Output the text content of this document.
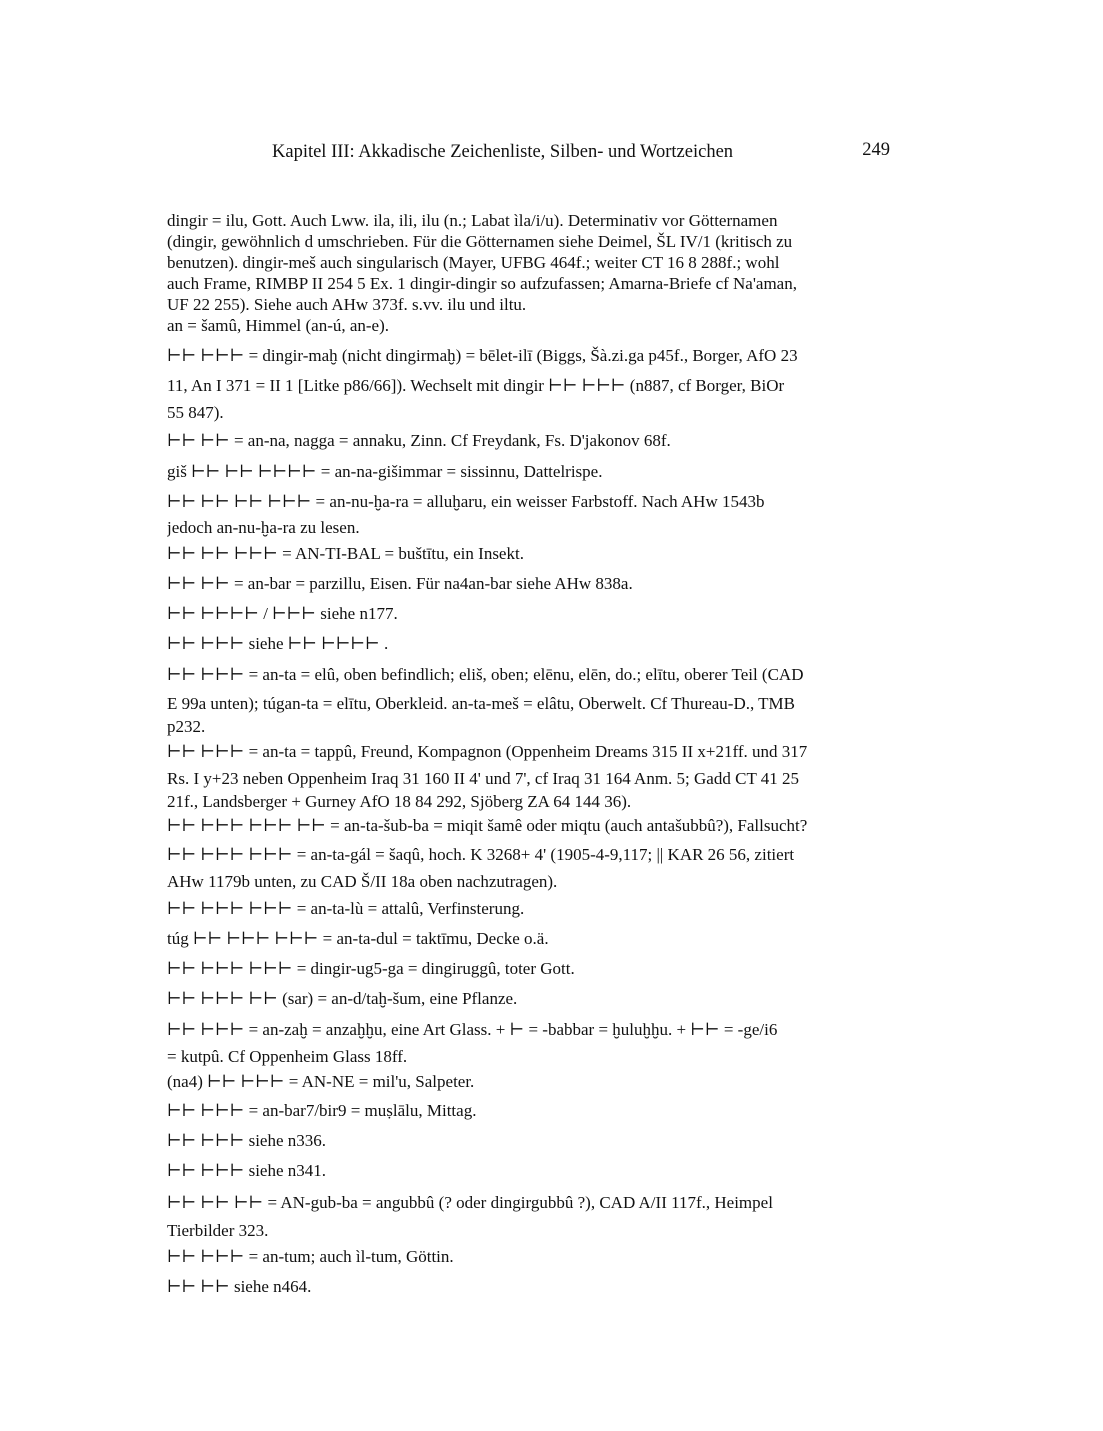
Kapitel III: Akkadische Zeichenliste, Silben- und Wortzeichen	249
dingir = ilu, Gott. Auch Lww. ila, ili, ilu (n.; Labat ìla/i/u). Determinativ vor Götternamen
(dingir, gewöhnlich d umschrieben. Für die Götternamen siehe Deimel, ŠL IV/1 (kritisch zu
benutzen). dingir-meš auch singularisch (Mayer, UFBG 464f.; weiter CT 16 8 288f.; wohl
auch Frame, RIMBP II 254 5 Ex. 1 dingir-dingir so aufzufassen; Amarna-Briefe cf Na'aman,
UF 22 255). Siehe auch AHw 373f. s.vv. ilu und iltu.
an = šamû, Himmel (an-ú, an-e).
⊢⊢ ⊢⊢⊢ = dingir-maḫ (nicht dingirmaḫ) = bēlet-ilī (Biggs, Šà.zi.ga p45f., Borger, AfO 23
11, An I 371 = II 1 [Litke p86/66]). Wechselt mit dingir ⊢⊢ ⊢⊢⊢ (n887, cf Borger, BiOr
55 847).
⊢⊢ ⊢⊢ = an-na, nagga = annaku, Zinn. Cf Freydank, Fs. D'jakonov 68f.
giš ⊢⊢ ⊢⊢ ⊢⊢⊢⊢ = an-na-gišimmar = sissinnu, Dattelrispe.
⊢⊢ ⊢⊢ ⊢⊢ ⊢⊢⊢ = an-nu-ḫa-ra = alluḫaru, ein weisser Farbstoff. Nach AHw 1543b
jedoch an-nu-ḫa-ra zu lesen.
⊢⊢ ⊢⊢ ⊢⊢⊢ = AN-TI-BAL = buštītu, ein Insekt.
⊢⊢ ⊢⊢ = an-bar = parzillu, Eisen. Für na4an-bar siehe AHw 838a.
⊢⊢ ⊢⊢⊢⊢ / ⊢⊢⊢ siehe n177.
⊢⊢ ⊢⊢⊢ siehe ⊢⊢ ⊢⊢⊢⊢ .
⊢⊢ ⊢⊢⊢ = an-ta = elû, oben befindlich; eliš, oben; elēnu, elēn, do.; elītu, oberer Teil (CAD
E 99a unten); túgan-ta = elītu, Oberkleid. an-ta-meš = elâtu, Oberwelt. Cf Thureau-D., TMB
p232.
⊢⊢ ⊢⊢⊢ = an-ta = tappû, Freund, Kompagnon (Oppenheim Dreams 315 II x+21ff. und 317
Rs. I y+23 neben Oppenheim Iraq 31 160 II 4' und 7', cf Iraq 31 164 Anm. 5; Gadd CT 41 25
21f., Landsberger + Gurney AfO 18 84 292, Sjöberg ZA 64 144 36).
⊢⊢ ⊢⊢⊢ ⊢⊢⊢ ⊢⊢ = an-ta-šub-ba = miqit šamê oder miqtu (auch antašubbû?), Fallsucht?
⊢⊢ ⊢⊢⊢ ⊢⊢⊢ = an-ta-gál = šaqû, hoch. K 3268+ 4' (1905-4-9,117; || KAR 26 56, zitiert
AHw 1179b unten, zu CAD Š/II 18a oben nachzutragen).
⊢⊢ ⊢⊢⊢ ⊢⊢⊢ = an-ta-lù = attalû, Verfinsterung.
túg ⊢⊢ ⊢⊢⊢ ⊢⊢⊢ = an-ta-dul = taktīmu, Decke o.ä.
⊢⊢ ⊢⊢⊢ ⊢⊢⊢ = dingir-ug5-ga = dingiruggû, toter Gott.
⊢⊢ ⊢⊢⊢ ⊢⊢ (sar) = an-d/taḫ-šum, eine Pflanze.
⊢⊢ ⊢⊢⊢ = an-zaḫ = anzaḫḫu, eine Art Glass. + ⊢ = -babbar = ḫuluḫḫu. + ⊢⊢ = -ge/i6
= kutpû. Cf Oppenheim Glass 18ff.
(na4) ⊢⊢ ⊢⊢⊢ = AN-NE = mil'u, Salpeter.
⊢⊢ ⊢⊢⊢ = an-bar7/bir9 = muṣlālu, Mittag.
⊢⊢ ⊢⊢⊢ siehe n336.
⊢⊢ ⊢⊢⊢ siehe n341.
⊢⊢ ⊢⊢ ⊢⊢ = AN-gub-ba = angubbû (? oder dingirgubbû ?), CAD A/II 117f., Heimpel
Tierbilder 323.
⊢⊢ ⊢⊢⊢ = an-tum; auch ìl-tum, Göttin.
⊢⊢ ⊢⊢ siehe n464.
